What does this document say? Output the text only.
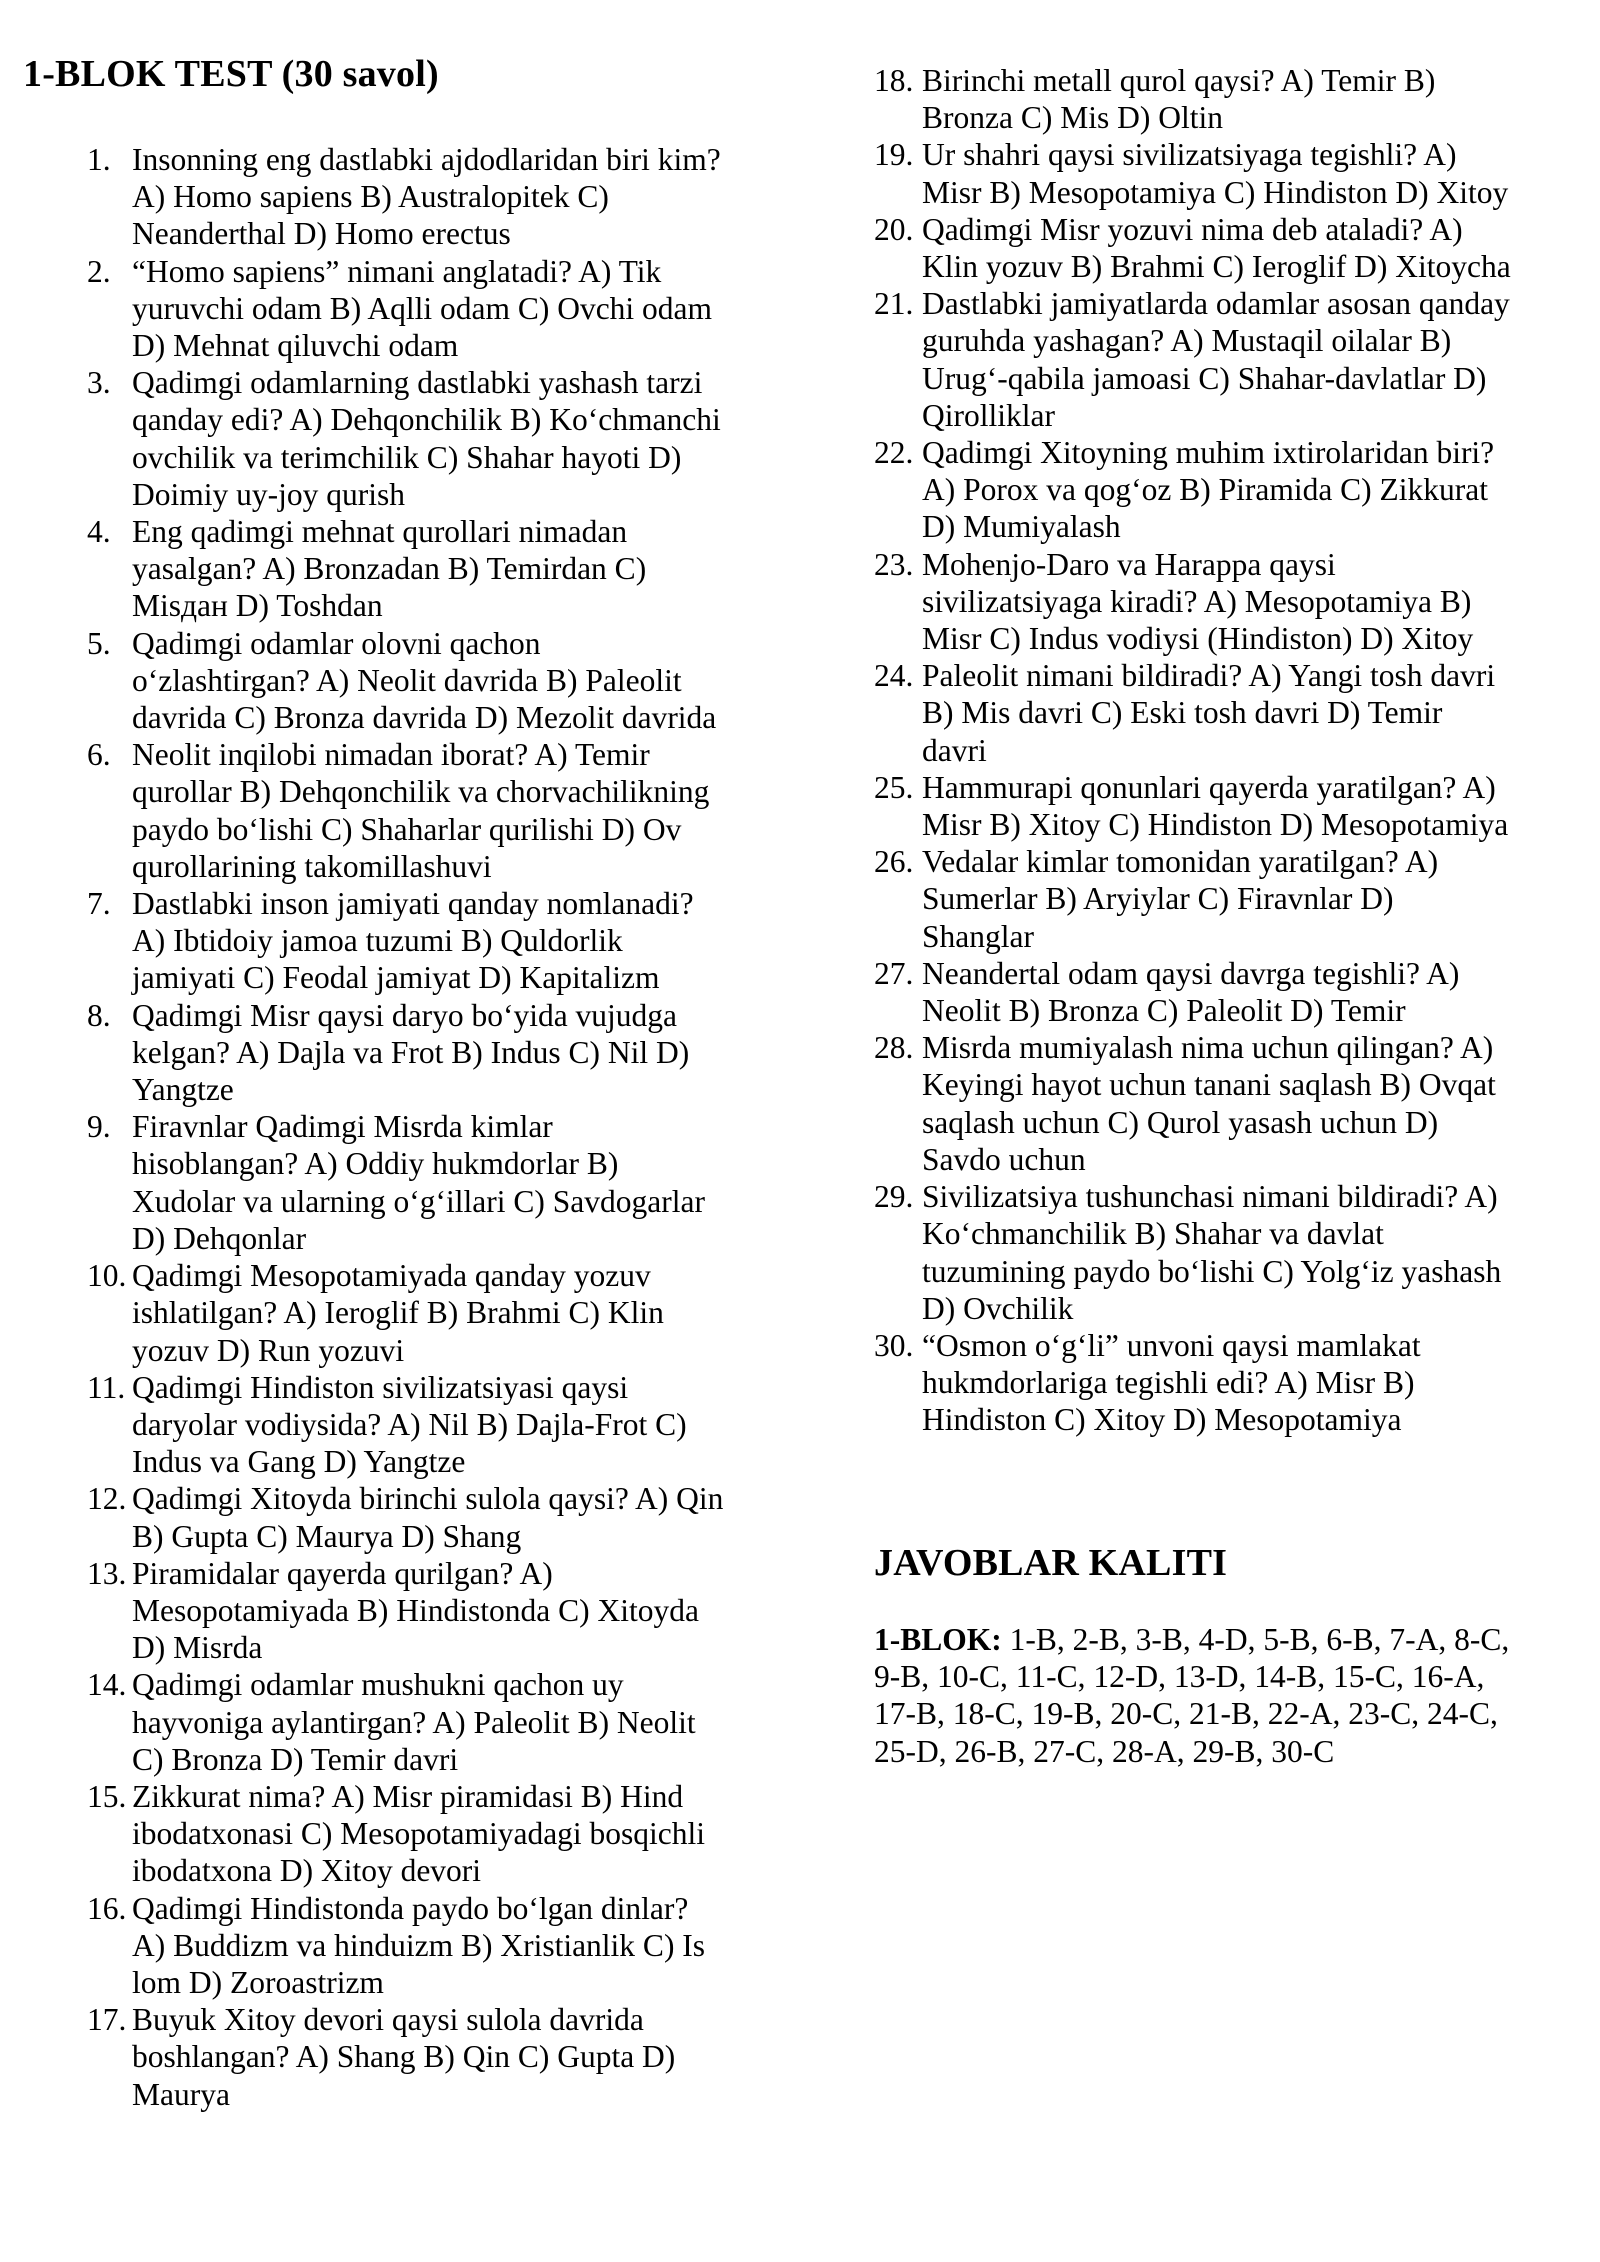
1-BLOK TEST (30 savol)
1. Insonning eng dastlabki ajdodlaridan biri kim? A) Homo sapiens B) Australopitek C) Neanderthal D) Homo erectus
2. “Homo sapiens” nimani anglatadi? A) Tik yuruvchi odam B) Aqlli odam C) Ovchi odam D) Mehnat qiluvchi odam
3. Qadimgi odamlarning dastlabki yashash tarzi qanday edi? A) Dehqonchilik B) Ko‘chmanchi ovchilik va terimchilik C) Shahar hayoti D) Doimiy uy-joy qurish
4. Eng qadimgi mehnat qurollari nimadan yasalgan? A) Bronzadan B) Temirdan C) Мisдан D) Toshdan
5. Qadimgi odamlar olovni qachon o‘zlashtirgan? A) Neolit davrida B) Paleolit davrida C) Bronza davrida D) Mezolit davrida
6. Neolit inqilobi nimadan iborat? A) Temir qurollar B) Dehqonchilik va chorvachilikning paydo bo‘lishi C) Shaharlar qurilishi D) Ov qurollarining takomillashuvi
7. Dastlabki inson jamiyati qanday nomlanadi? A) Ibtidoiy jamoa tuzumi B) Quldorlik jamiyati C) Feodal jamiyat D) Kapitalizm
8. Qadimgi Misr qaysi daryo bo‘yida vujudga kelgan? A) Dajla va Frot B) Indus C) Nil D) Yangtze
9. Firavnlar Qadimgi Misrda kimlar hisoblangan? A) Oddiy hukmdorlar B) Xudolar va ularning o‘g‘illari C) Savdogarlar D) Dehqonlar
10. Qadimgi Mesopotamiyada qanday yozuv ishlatilgan? A) Ieroglif B) Brahmi C) Klin yozuv D) Run yozuvi
11. Qadimgi Hindiston sivilizatsiyasi qaysi daryolar vodiysida? A) Nil B) Dajla-Frot C) Indus va Gang D) Yangtze
12. Qadimgi Xitoyda birinchi sulola qaysi? A) Qin B) Gupta C) Maurya D) Shang
13. Piramidalar qayerda qurilgan? A) Mesopotamiyada B) Hindistonda C) Xitoyda D) Misrda
14. Qadimgi odamlar mushukni qachon uy hayvoniga aylantirgan? A) Paleolit B) Neolit C) Bronza D) Temir davri
15. Zikkurat nima? A) Misr piramidasi B) Hind ibodatxonasi C) Mesopotamiyadagi bosqichli ibodatxona D) Xitoy devori
16. Qadimgi Hindistonda paydo bo‘lgan dinlar? A) Buddizm va hinduizm B) Xristianlik C) Is lom D) Zoroastrizm
17. Buyuk Xitoy devori qaysi sulola davrida boshlangan? A) Shang B) Qin C) Gupta D) Maurya
18. Birinchi metall qurol qaysi? A) Temir B) Bronza C) Mis D) Oltin
19. Ur shahri qaysi sivilizatsiyaga tegishli? A) Misr B) Mesopotamiya C) Hindiston D) Xitoy
20. Qadimgi Misr yozuvi nima deb ataladi? A) Klin yozuv B) Brahmi C) Ieroglif D) Xitoycha
21. Dastlabki jamiyatlarda odamlar asosan qanday guruhda yashagan? A) Mustaqil oilalar B) Urug‘-qabila jamoasi C) Shahar-davlatlar D) Qirolliklar
22. Qadimgi Xitoyning muhim ixtirolaridan biri? A) Porox va qog‘oz B) Piramida C) Zikkurat D) Mumiyalash
23. Mohenjo-Daro va Harappa qaysi sivilizatsiyaga kiradi? A) Mesopotamiya B) Misr C) Indus vodiysi (Hindiston) D) Xitoy
24. Paleolit nimani bildiradi? A) Yangi tosh davri B) Mis davri C) Eski tosh davri D) Temir davri
25. Hammurapi qonunlari qayerda yaratilgan? A) Misr B) Xitoy C) Hindiston D) Mesopotamiya
26. Vedalar kimlar tomonidan yaratilgan? A) Sumerlar B) Aryiylar C) Firavnlar D) Shanglar
27. Neandertal odam qaysi davrga tegishli? A) Neolit B) Bronza C) Paleolit D) Temir
28. Misrda mumiyalash nima uchun qilingan? A) Keyingi hayot uchun tanani saqlash B) Ovqat saqlash uchun C) Qurol yasash uchun D) Savdo uchun
29. Sivilizatsiya tushunchasi nimani bildiradi? A) Ko‘chmanchilik B) Shahar va davlat tuzumining paydo bo‘lishi C) Yolg‘iz yashash D) Ovchilik
30. “Osmon o‘g‘li” unvoni qaysi mamlakat hukmdorlariga tegishli edi? A) Misr B) Hindiston C) Xitoy D) Mesopotamiya
JAVOBLAR KALITI

1-BLOK: 1-B, 2-B, 3-B, 4-D, 5-B, 6-B, 7-A, 8-C, 9-B, 10-C, 11-C, 12-D, 13-D, 14-B, 15-C, 16-A, 17-B, 18-C, 19-B, 20-C, 21-B, 22-A, 23-C, 24-C, 25-D, 26-B, 27-C, 28-A, 29-B, 30-C
